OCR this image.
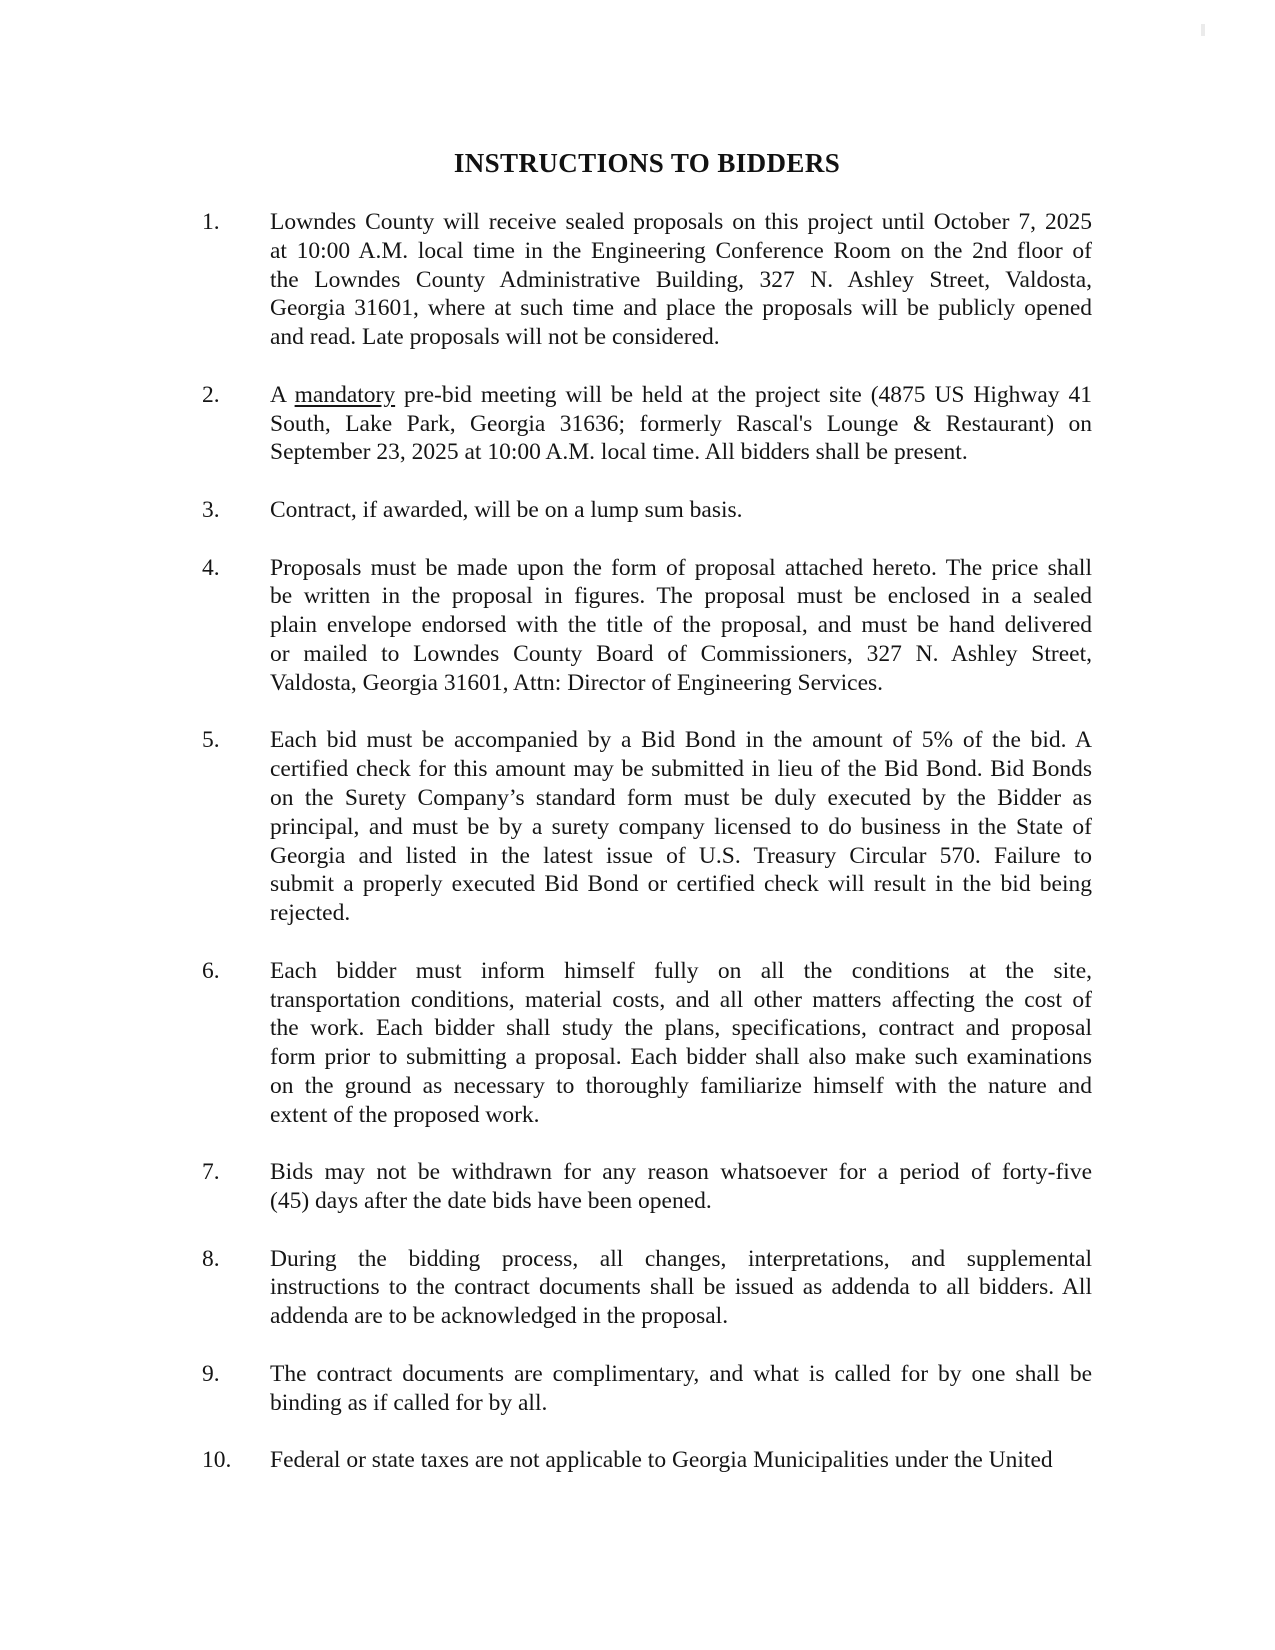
INSTRUCTIONS TO BIDDERS
1.	Lowndes County will receive sealed proposals on this project until October 7, 2025
at 10:00 A.M. local time in the Engineering Conference Room on the 2nd floor of
the Lowndes County Administrative Building, 327 N. Ashley Street, Valdosta,
Georgia 31601, where at such time and place the proposals will be publicly opened
and read. Late proposals will not be considered.
2.	A mandatory pre-bid meeting will be held at the project site (4875 US Highway 41
South, Lake Park, Georgia 31636; formerly Rascal's Lounge & Restaurant) on
September 23, 2025 at 10:00 A.M. local time. All bidders shall be present.
3.	Contract, if awarded, will be on a lump sum basis.
4.	Proposals must be made upon the form of proposal attached hereto. The price shall
be written in the proposal in figures. The proposal must be enclosed in a sealed
plain envelope endorsed with the title of the proposal, and must be hand delivered
or mailed to Lowndes County Board of Commissioners, 327 N. Ashley Street,
Valdosta, Georgia 31601, Attn: Director of Engineering Services.
5.	Each bid must be accompanied by a Bid Bond in the amount of 5% of the bid. A
certified check for this amount may be submitted in lieu of the Bid Bond. Bid Bonds
on the Surety Company’s standard form must be duly executed by the Bidder as
principal, and must be by a surety company licensed to do business in the State of
Georgia and listed in the latest issue of U.S. Treasury Circular 570. Failure to
submit a properly executed Bid Bond or certified check will result in the bid being
rejected.
6.	Each bidder must inform himself fully on all the conditions at the site,
transportation conditions, material costs, and all other matters affecting the cost of
the work. Each bidder shall study the plans, specifications, contract and proposal
form prior to submitting a proposal. Each bidder shall also make such examinations
on the ground as necessary to thoroughly familiarize himself with the nature and
extent of the proposed work.
7.	Bids may not be withdrawn for any reason whatsoever for a period of forty-five
(45) days after the date bids have been opened.
8.	During the bidding process, all changes, interpretations, and supplemental
instructions to the contract documents shall be issued as addenda to all bidders. All
addenda are to be acknowledged in the proposal.
9.	The contract documents are complimentary, and what is called for by one shall be
binding as if called for by all.
10.	Federal or state taxes are not applicable to Georgia Municipalities under the United
